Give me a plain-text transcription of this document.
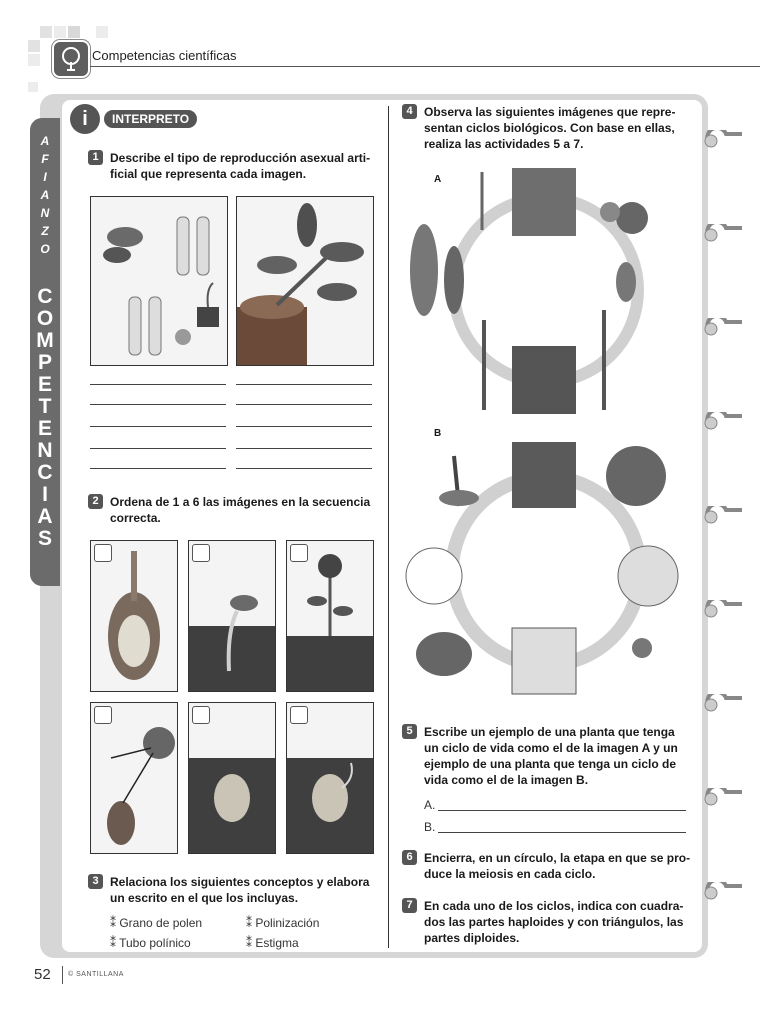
Competencias científicas
A
F
I
A
N
Z
O
C
O
M
P
E
T
E
N
C
I
A
S
i	INTERPRETO
1 Describe el tipo de reproducción asexual arti-
ficial que representa cada imagen.
2 Ordena de 1 a 6 las imágenes en la secuencia
correcta.
3 Relaciona los siguientes conceptos y elabora
un escrito en el que los incluyas.
⁑ Grano de polen	⁑ Polinización
⁑ Tubo polínico	⁑ Estigma
4 Observa las siguientes imágenes que repre-
sentan ciclos biológicos. Con base en ellas,
realiza las actividades 5 a 7.
A
B
5 Escribe un ejemplo de una planta que tenga
un ciclo de vida como el de la imagen A y un
ejemplo de una planta que tenga un ciclo de
vida como el de la imagen B.
A.
B.
6 Encierra, en un círculo, la etapa en que se pro-
duce la meiosis en cada ciclo.
7 En cada uno de los ciclos, indica con cuadra-
dos las partes haploides y con triángulos, las
partes diploides.
52 © SANTILLANA
